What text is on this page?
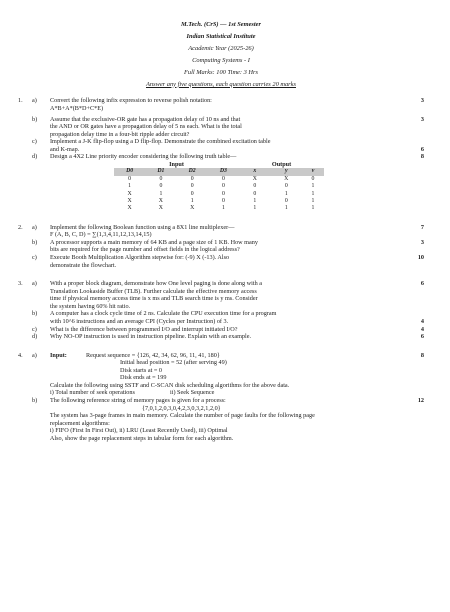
M.Tech. (CrS) — 1st Semester
Indian Statistical Institute
Academic Year (2025-26)
Computing Systems - I
Full Marks: 100 Time: 3 Hrs
Answer any five questions, each question carries 20 marks
1.	a)	Convert the following infix expression to reverse polish notation:
A*B+A*(B*D+C*E)
3
b)	Assume that the exclusive-OR gate has a propagation delay of 10 ns and that
the AND or OR gates have a propagation delay of 5 ns each. What is the total
propagation delay time in a four-bit ripple adder circuit?
3
c)	Implement a J-K flip-flop using a D flip-flop. Demonstrate the combined excitation table
and K-map.	6
d)	Design a 4X2 Line priority encoder considering the following truth table—	8
Input				Output		
D0	D1	D2	D3	x	y	v
0	0	0	0	X	X	0
1	0	0	0	0	0	1
X	1	0	0	0	1	1
X	X	1	0	1	0	1
X	X	X	1	1	1	1
2.	a)	Implement the following Boolean function using a 8X1 line multiplexer—
F (A, B, C, D) = ∑(1,3,4,11,12,13,14,15)
7
b)	A processor supports a main memory of 64 KB and a page size of 1 KB. How many
bits are required for the page number and offset fields in the logical address?
3
c)	Execute Booth Multiplication Algorithm stepwise for: (-9) X (-13). Also
demonstrate the flowchart.
10
3.	a)	With a proper block diagram, demonstrate how One level paging is done along with a
Translation Lookaside Buffer (TLB). Further calculate the effective memory access
time if physical memory access time is x ms and TLB search time is y ms. Consider
the system having 60% hit ratio.
6
b)	A computer has a clock cycle time of 2 ns. Calculate the CPU execution time for a program
with 10^6 instructions and an average CPI (Cycles per Instruction) of 3.	4
c)	What is the difference between programmed I/O and interrupt initiated I/O?	4
d)	Why NO-OP instruction is used in instruction pipeline. Explain with an example.	6
4.	a)	Input:	Request sequence = {126, 42, 34, 62, 96, 11, 41, 180}
Initial head position = 52 (after serving 49)
Disk starts at = 0
Disk ends at = 199
Calculate the following using SSTF and C-SCAN disk scheduling algorithms for the above data.
i) Total number of seek operations	ii) Seek Sequence
8
b)	The following reference string of memory pages is given for a process:
{7,0,1,2,0,3,0,4,2,3,0,3,2,1,2,0}
12
The system has 3-page frames in main memory. Calculate the number of page faults for the following page
replacement algorithms:
i) FIFO (First In First Out), ii) LRU (Least Recently Used), iii) Optimal
Also, show the page replacement steps in tabular form for each algorithm.
